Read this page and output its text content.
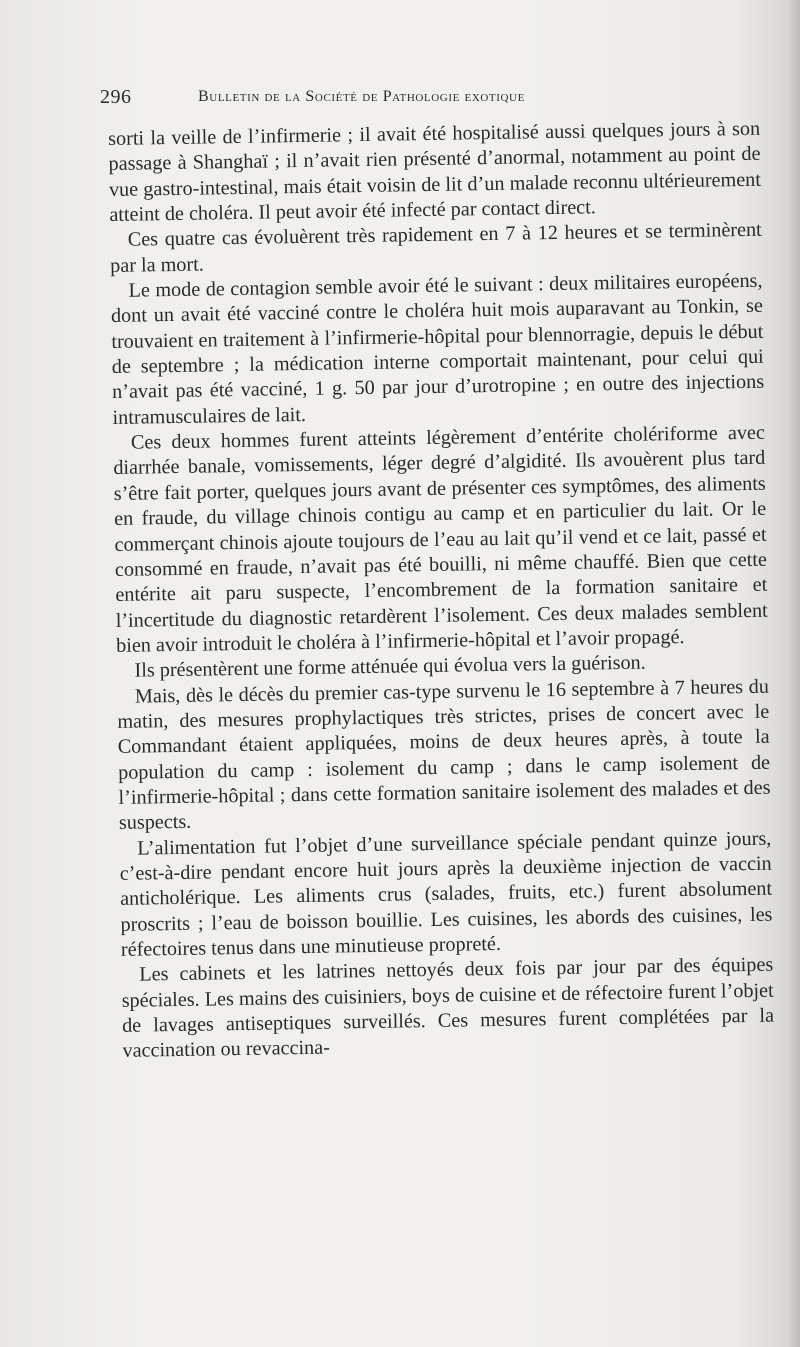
296	Bulletin de la Société de Pathologie exotique

sorti la veille de l’infirmerie ; il avait été hospitalisé aussi quelques jours à son passage à Shanghaï ; il n’avait rien présenté d’anormal, notamment au point de vue gastro-intestinal, mais était voisin de lit d’un malade reconnu ultérieurement atteint de choléra. Il peut avoir été infecté par contact direct.

Ces quatre cas évoluèrent très rapidement en 7 à 12 heures et se terminèrent par la mort.

Le mode de contagion semble avoir été le suivant : deux militaires européens, dont un avait été vacciné contre le choléra huit mois auparavant au Tonkin, se trouvaient en traitement à l’infirmerie-hôpital pour blennorragie, depuis le début de septembre ; la médication interne comportait maintenant, pour celui qui n’avait pas été vacciné, 1 g. 50 par jour d’urotropine ; en outre des injections intramusculaires de lait.

Ces deux hommes furent atteints légèrement d’entérite cholériforme avec diarrhée banale, vomissements, léger degré d’algidité. Ils avouèrent plus tard s’être fait porter, quelques jours avant de présenter ces symptômes, des aliments en fraude, du village chinois contigu au camp et en particulier du lait. Or le commerçant chinois ajoute toujours de l’eau au lait qu’il vend et ce lait, passé et consommé en fraude, n’avait pas été bouilli, ni même chauffé. Bien que cette entérite ait paru suspecte, l’encombrement de la formation sanitaire et l’incertitude du diagnostic retardèrent l’isolement. Ces deux malades semblent bien avoir introduit le choléra à l’infirmerie-hôpital et l’avoir propagé.

Ils présentèrent une forme atténuée qui évolua vers la guérison.

Mais, dès le décès du premier cas-type survenu le 16 septembre à 7 heures du matin, des mesures prophylactiques très strictes, prises de concert avec le Commandant étaient appliquées, moins de deux heures après, à toute la population du camp : isolement du camp ; dans le camp isolement de l’infirmerie-hôpital ; dans cette formation sanitaire isolement des malades et des suspects.

L’alimentation fut l’objet d’une surveillance spéciale pendant quinze jours, c’est-à-dire pendant encore huit jours après la deuxième injection de vaccin anticholérique. Les aliments crus (salades, fruits, etc.) furent absolument proscrits ; l’eau de boisson bouillie. Les cuisines, les abords des cuisines, les réfectoires tenus dans une minutieuse propreté.

Les cabinets et les latrines nettoyés deux fois par jour par des équipes spéciales. Les mains des cuisiniers, boys de cuisine et de réfectoire furent l’objet de lavages antiseptiques surveillés. Ces mesures furent complétées par la vaccination ou revaccina-
